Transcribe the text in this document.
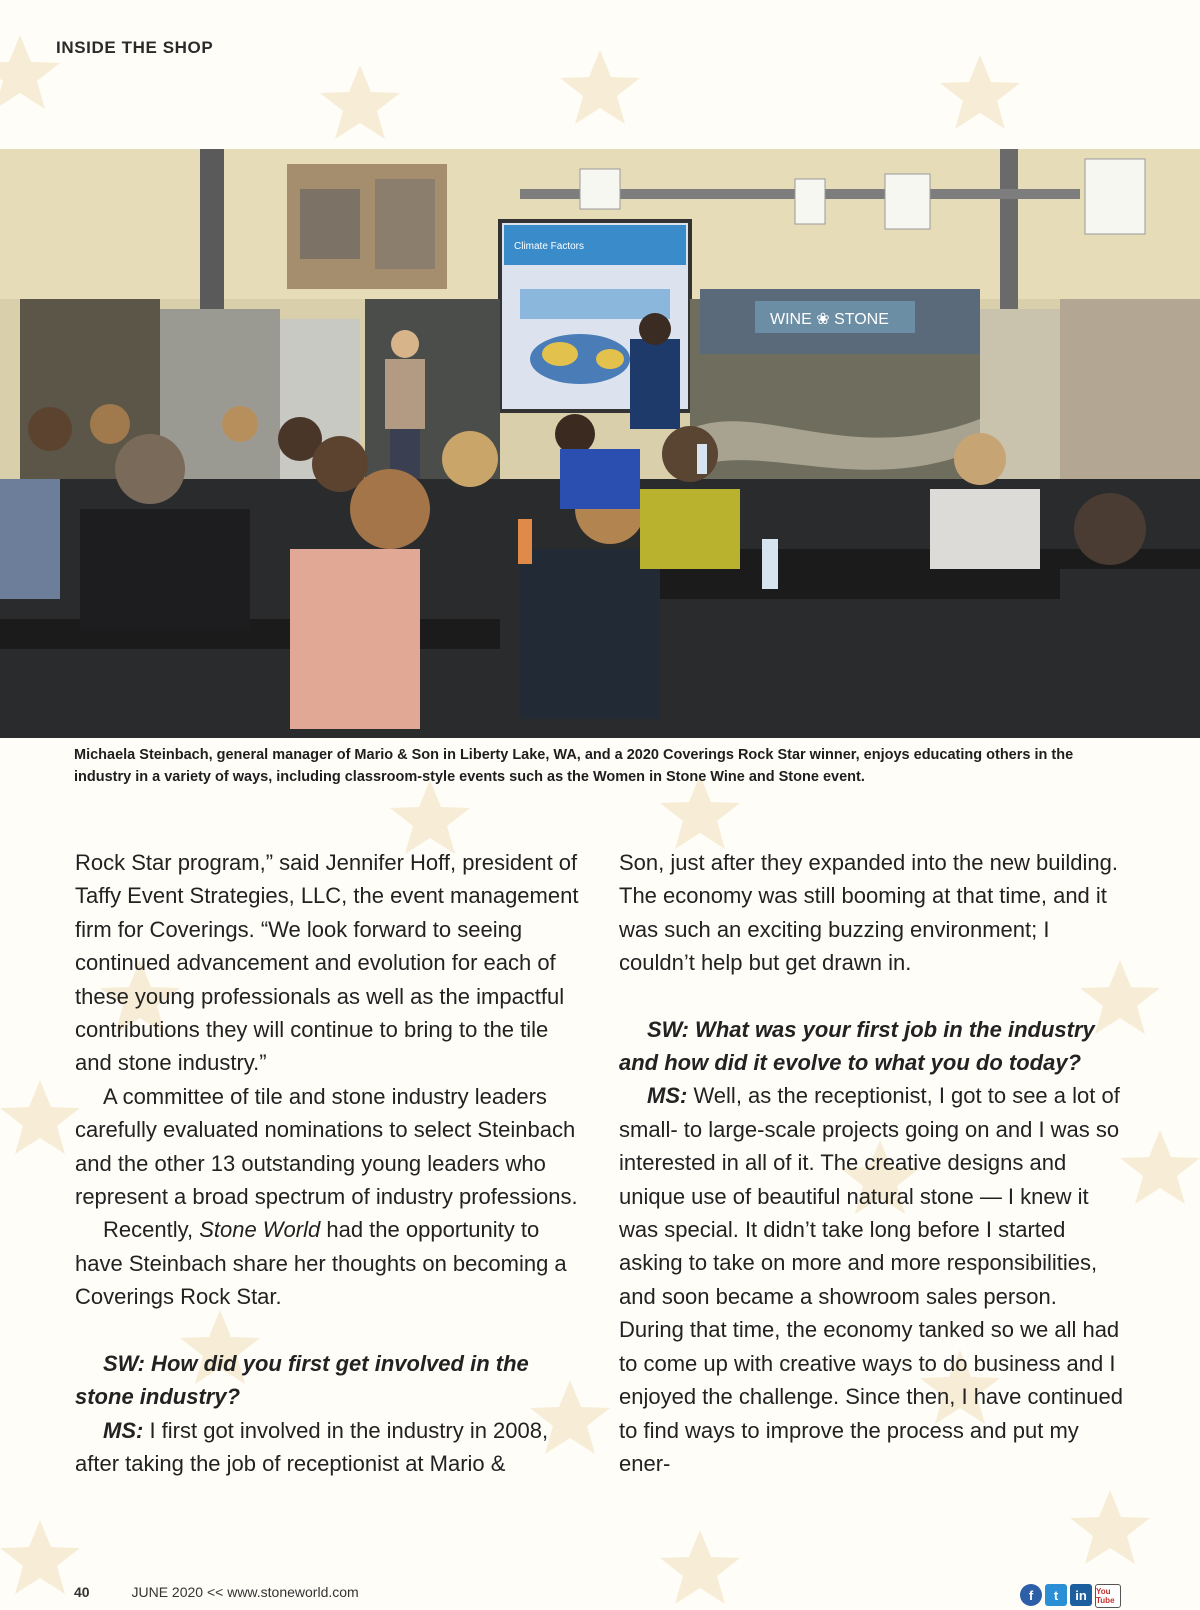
INSIDE THE SHOP
Climate Factors
WINE ❀ STONE
Michaela Steinbach, general manager of Mario & Son in Liberty Lake, WA, and a 2020 Coverings Rock Star winner, enjoys educating others in the industry in a variety of ways, including classroom-style events such as the Women in Stone Wine and Stone event.

Rock Star program,” said Jennifer Hoff, president of Taffy Event Strategies, LLC, the event management firm for Coverings. “We look forward to seeing continued advancement and evolution for each of these young professionals as well as the impactful contributions they will continue to bring to the tile and stone industry.”

A committee of tile and stone industry leaders carefully evaluated nominations to select Steinbach and the other 13 outstanding young leaders who represent a broad spectrum of industry professions.

Recently, Stone World had the opportunity to have Steinbach share her thoughts on becoming a Coverings Rock Star.

SW: How did you first get involved in the stone industry?

MS: I first got involved in the industry in 2008, after taking the job of receptionist at Mario &

Son, just after they expanded into the new building. The economy was still booming at that time, and it was such an exciting buzzing environment; I couldn’t help but get drawn in.

SW: What was your first job in the industry and how did it evolve to what you do today?

MS: Well, as the receptionist, I got to see a lot of small- to large-scale projects going on and I was so interested in all of it. The creative designs and unique use of beautiful natural stone — I knew it was special. It didn’t take long before I started asking to take on more and more responsibilities, and soon became a showroom sales person. During that time, the economy tanked so we all had to come up with creative ways to do business and I enjoyed the challenge. Since then, I have continued to find ways to improve the process and put my ener-

40	JUNE 2020 << www.stoneworld.com	f	t	in	You Tube
